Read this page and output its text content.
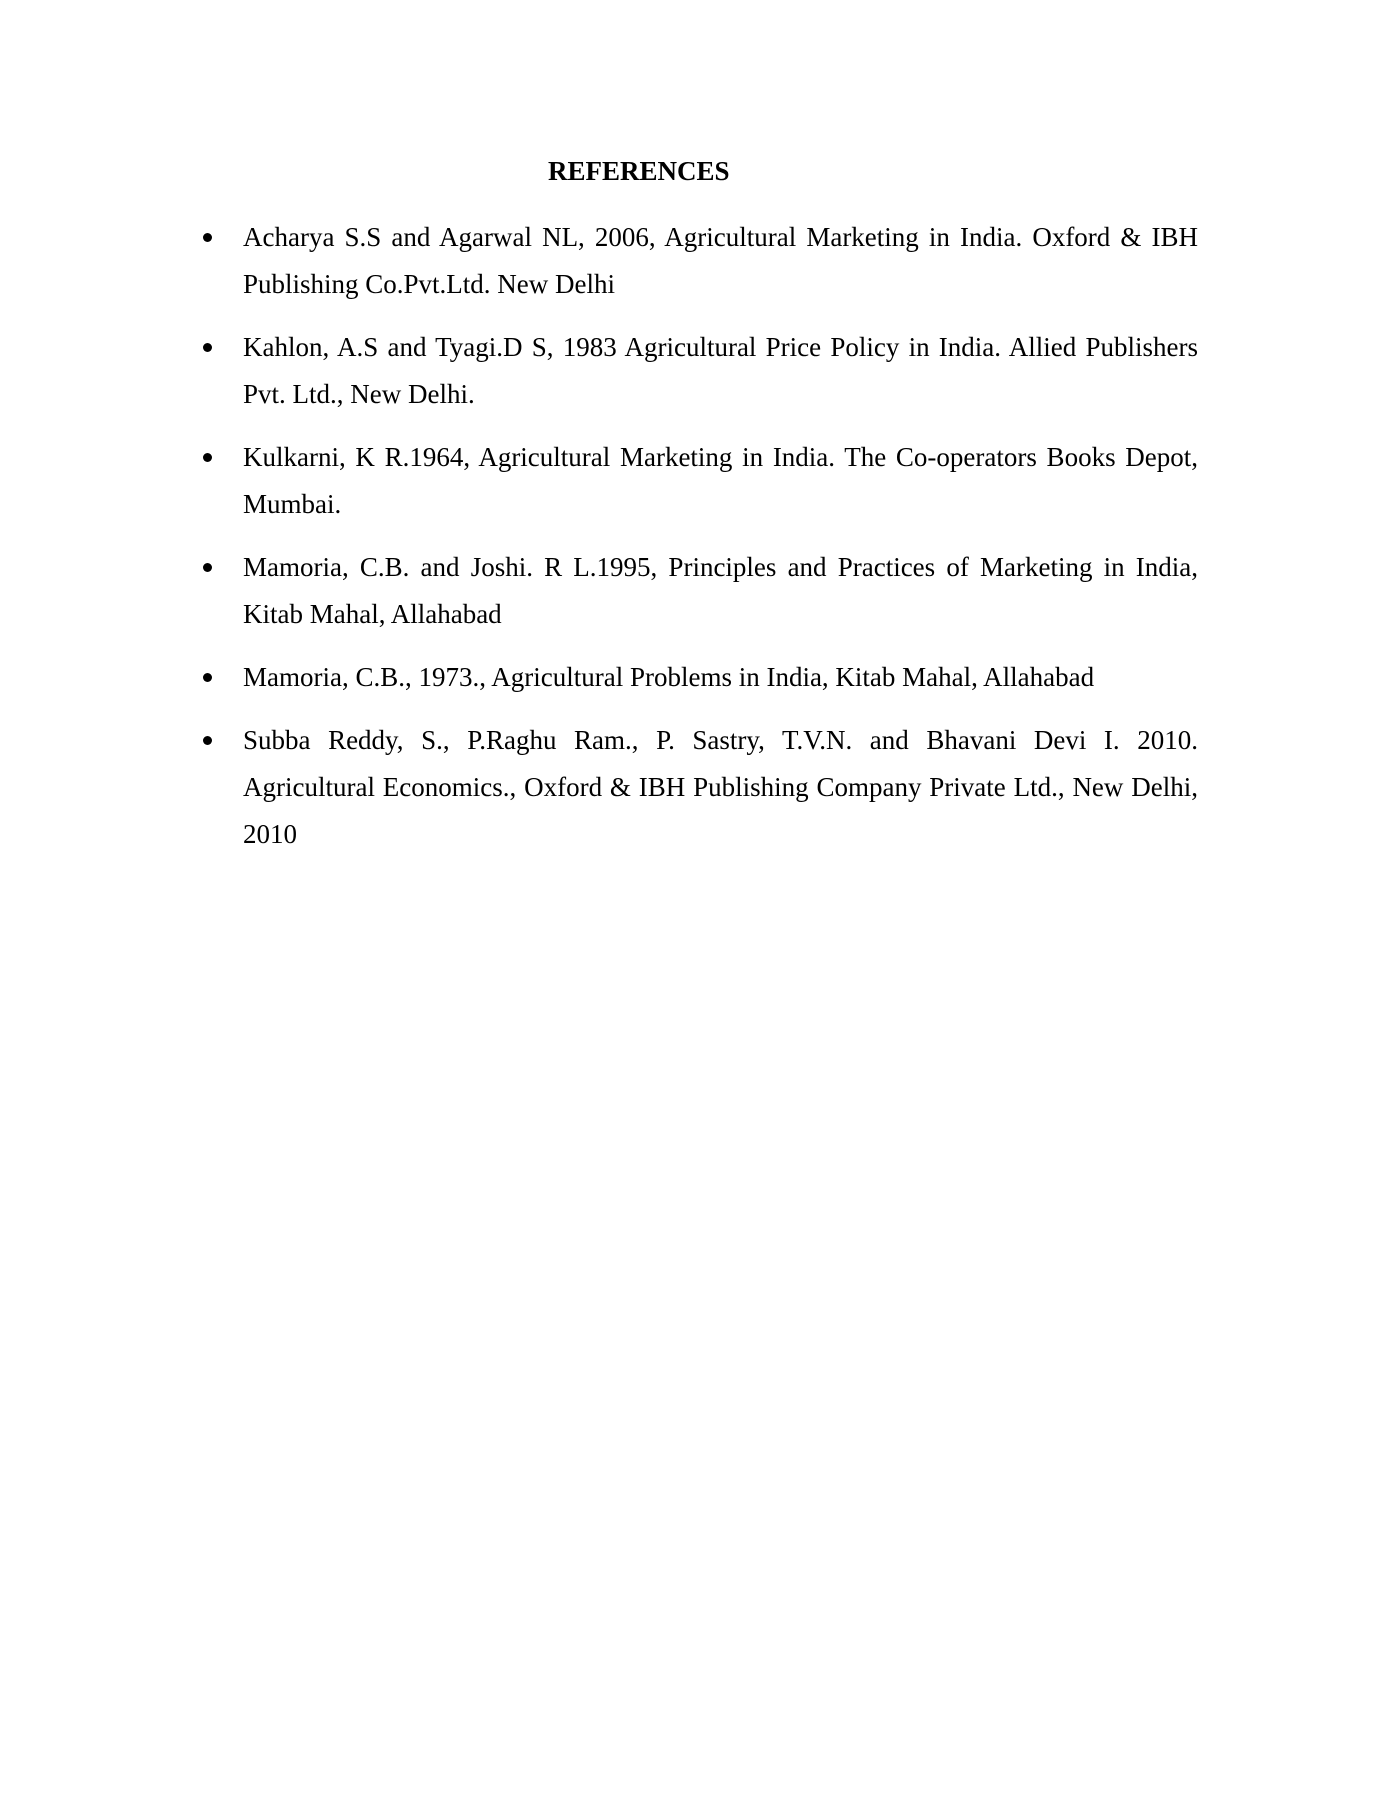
REFERENCES
Acharya S.S and Agarwal NL, 2006, Agricultural Marketing in India. Oxford & IBH Publishing Co.Pvt.Ltd. New Delhi
Kahlon, A.S and Tyagi.D S, 1983 Agricultural Price Policy in India. Allied Publishers Pvt. Ltd., New Delhi.
Kulkarni, K R.1964, Agricultural Marketing in India. The Co-operators Books Depot, Mumbai.
Mamoria, C.B. and Joshi. R L.1995, Principles and Practices of Marketing in India, Kitab Mahal, Allahabad
Mamoria, C.B., 1973., Agricultural Problems in India, Kitab Mahal, Allahabad
Subba Reddy, S., P.Raghu Ram., P. Sastry, T.V.N. and Bhavani Devi I. 2010. Agricultural Economics., Oxford & IBH Publishing Company Private Ltd., New Delhi, 2010
